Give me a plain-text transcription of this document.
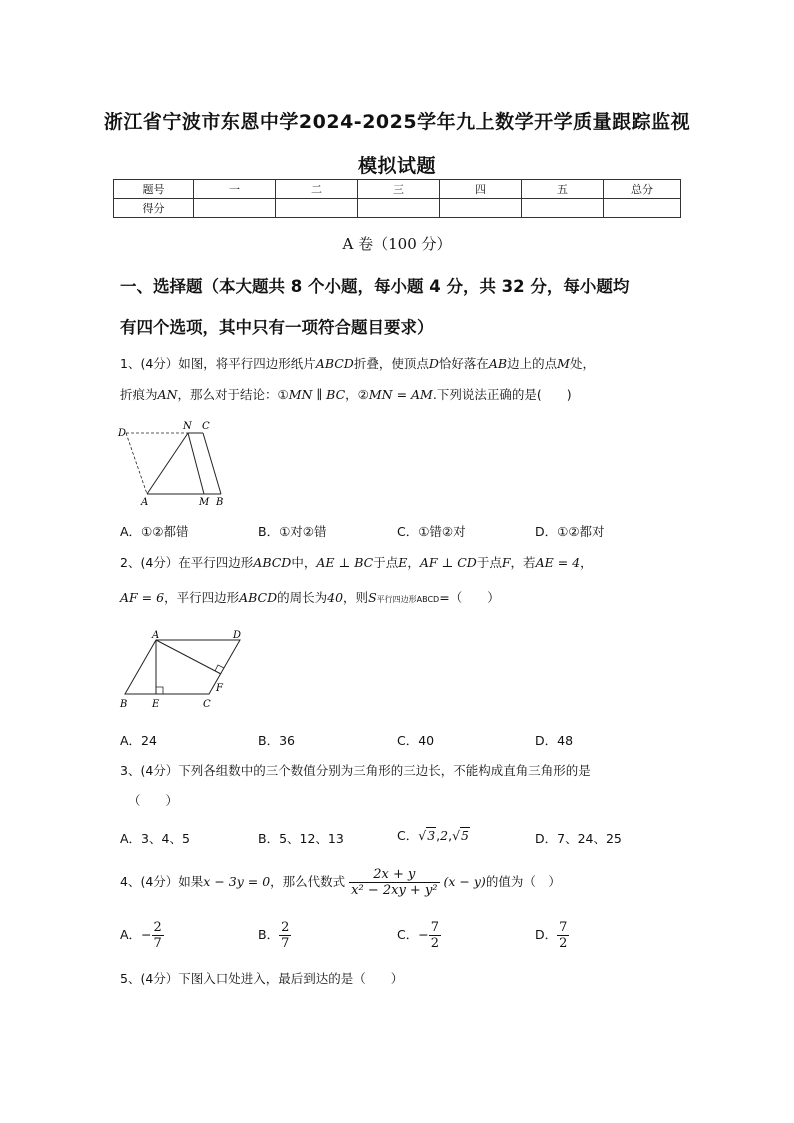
浙江省宁波市东恩中学2024-2025学年九上数学开学质量跟踪监视
模拟试题
题号	一	二	三	四	五	总分
得分						
A 卷（100 分）
一、选择题（本大题共 8 个小题，每小题 4 分，共 32 分，每小题均
有四个选项，其中只有一项符合题目要求）
1、(4分）如图，将平行四边形纸片ABCD折叠，使顶点D恰好落在AB边上的点M处，
折痕为AN，那么对于结论：①MN ∥ BC，②MN = AM.下列说法正确的是(　　)
D
N C
A	M B
A．①②都错	B．①对②错	C．①错②对	D．①②都对
2、(4分）在平行四边形ABCD中，AE ⊥ BC于点E，AF ⊥ CD于点F，若AE = 4，
AF = 6，平行四边形ABCD的周长为40，则S平行四边形ABCD=（　　）
A	D
F
B E	C
A．24	B．36	C．40	D．48
3、(4分）下列各组数中的三个数值分别为三角形的三边长，不能构成直角三角形的是
（　　）
A．3、4、5	B．5、12、13	C．√3,2,√5	D．7、24、25
4、(4分）如果x − 3y = 0，那么代数式 $\frac{2x + y}{\text{x² − 2xy + y²}} (x - y)$的值为（　）
A．− $\frac{2}{7}$	B． $\frac{2}{7}$	C．− $\frac{7}{2}$	D． $\frac{7}{2}$
5、(4分）下图入口处进入，最后到达的是（　　）
